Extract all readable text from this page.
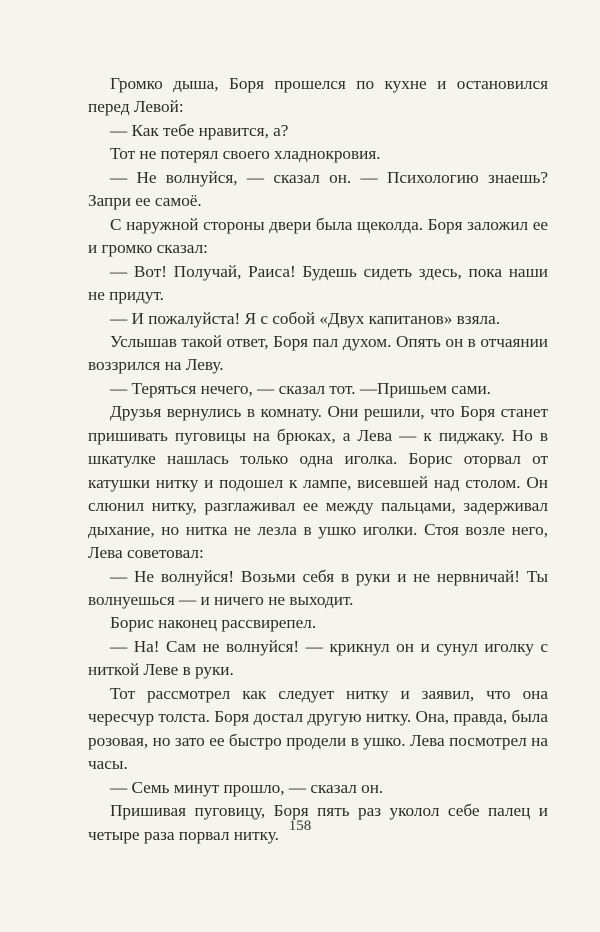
Громко дыша, Боря прошелся по кухне и остановился перед Левой:

— Как тебе нравится, а?

Тот не потерял своего хладнокровия.

— Не волнуйся, — сказал он. — Психологию знаешь? Запри ее самоё.

С наружной стороны двери была щеколда. Боря заложил ее и громко сказал:

— Вот! Получай, Раиса! Будешь сидеть здесь, пока наши не придут.

— И пожалуйста! Я с собой «Двух капитанов» взяла.

Услышав такой ответ, Боря пал духом. Опять он в отчаянии воззрился на Леву.

— Теряться нечего, — сказал тот. —Пришьем сами.

Друзья вернулись в комнату. Они решили, что Боря станет пришивать пуговицы на брюках, а Лева — к пиджаку. Но в шкатулке нашлась только одна иголка. Борис оторвал от катушки нитку и подошел к лампе, висевшей над столом. Он слюнил нитку, разглаживал ее между пальцами, задерживал дыхание, но нитка не лезла в ушко иголки. Стоя возле него, Лева советовал:

— Не волнуйся! Возьми себя в руки и не нервничай! Ты волнуешься — и ничего не выходит.

Борис наконец рассвирепел.

— На! Сам не волнуйся! — крикнул он и сунул иголку с ниткой Леве в руки.

Тот рассмотрел как следует нитку и заявил, что она чересчур толста. Боря достал другую нитку. Она, правда, была розовая, но зато ее быстро продели в ушко. Лева посмотрел на часы.

— Семь минут прошло, — сказал он.

Пришивая пуговицу, Боря пять раз уколол себе палец и четыре раза порвал нитку. 158
